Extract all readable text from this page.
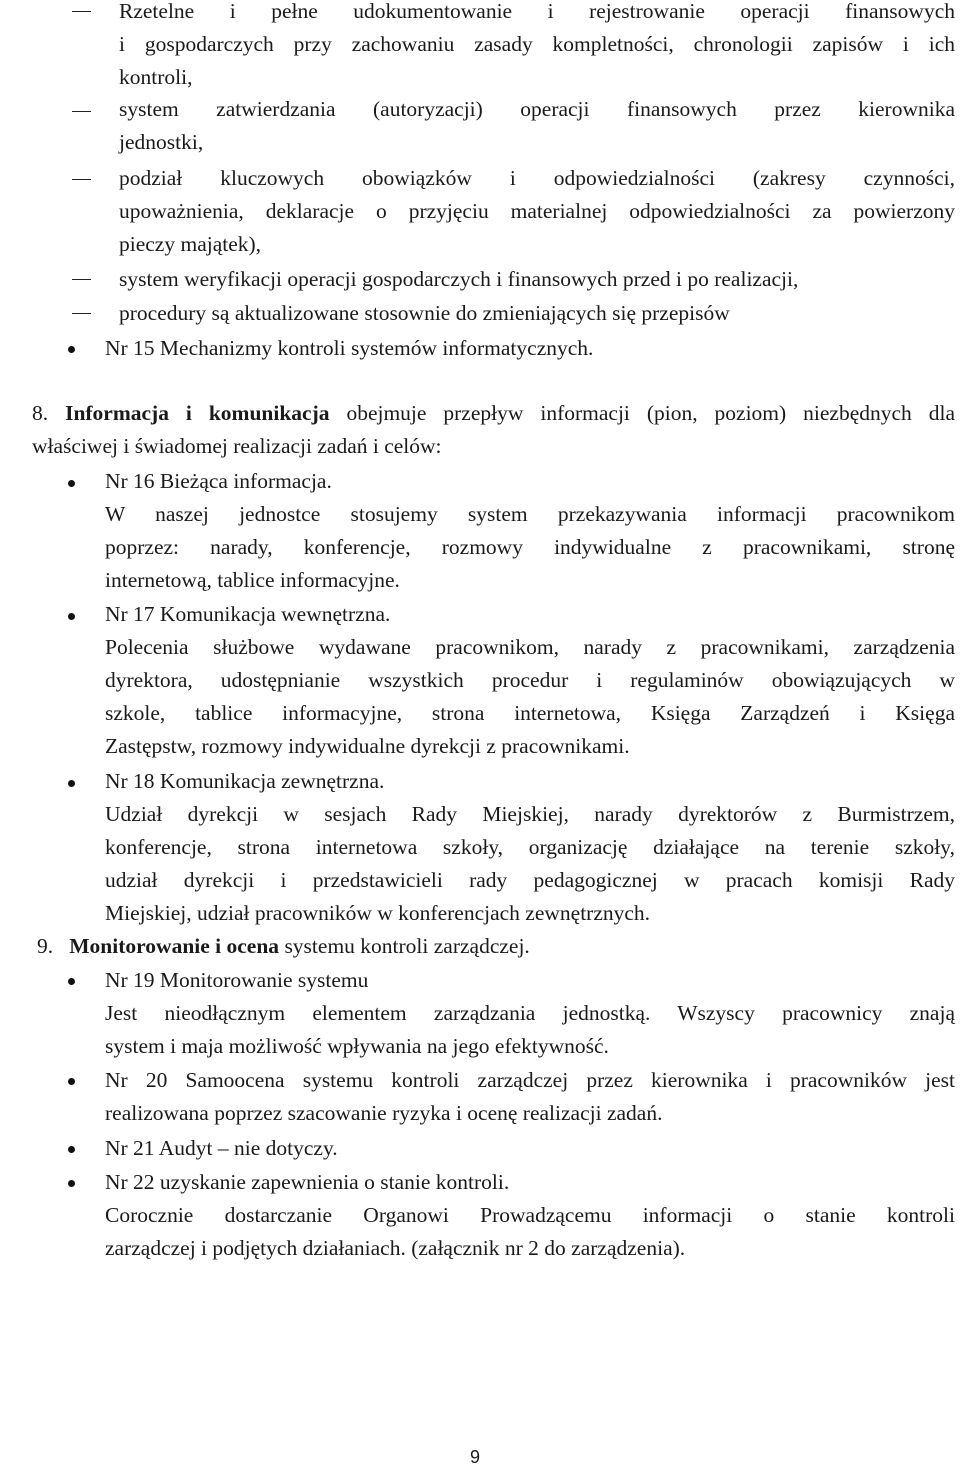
Rzetelne i pełne udokumentowanie i rejestrowanie operacji finansowych
i gospodarczych przy zachowaniu zasady kompletności, chronologii zapisów i ich
kontroli,
system zatwierdzania (autoryzacji) operacji finansowych przez kierownika
jednostki,
podział kluczowych obowiązków i odpowiedzialności (zakresy czynności,
upoważnienia, deklaracje o przyjęciu materialnej odpowiedzialności za powierzony
pieczy majątek),
system weryfikacji operacji gospodarczych i finansowych przed i po realizacji,
procedury są aktualizowane stosownie do zmieniających się przepisów
Nr 15 Mechanizmy kontroli systemów informatycznych.
8. Informacja i komunikacja obejmuje przepływ informacji (pion, poziom) niezbędnych dla
właściwej i świadomej realizacji zadań i celów:
Nr 16 Bieżąca informacja.
W naszej jednostce stosujemy system przekazywania informacji pracownikom
poprzez: narady, konferencje, rozmowy indywidualne z pracownikami, stronę
internetową, tablice informacyjne.
Nr 17 Komunikacja wewnętrzna.
Polecenia służbowe wydawane pracownikom, narady z pracownikami, zarządzenia
dyrektora, udostępnianie wszystkich procedur i regulaminów obowiązujących w
szkole, tablice informacyjne, strona internetowa, Księga Zarządzeń i Księga
Zastępstw, rozmowy indywidualne dyrekcji z pracownikami.
Nr 18 Komunikacja zewnętrzna.
Udział dyrekcji w sesjach Rady Miejskiej, narady dyrektorów z Burmistrzem,
konferencje, strona internetowa szkoły, organizację działające na terenie szkoły,
udział dyrekcji i przedstawicieli rady pedagogicznej w pracach komisji Rady
Miejskiej, udział pracowników w konferencjach zewnętrznych.
9. Monitorowanie i ocena systemu kontroli zarządczej.
Nr 19 Monitorowanie systemu
Jest nieodłącznym elementem zarządzania jednostką. Wszyscy pracownicy znają
system i maja możliwość wpływania na jego efektywność.
Nr 20 Samoocena systemu kontroli zarządczej przez kierownika i pracowników jest
realizowana poprzez szacowanie ryzyka i ocenę realizacji zadań.
Nr 21 Audyt – nie dotyczy.
Nr 22 uzyskanie zapewnienia o stanie kontroli.
Corocznie dostarczanie Organowi Prowadzącemu informacji o stanie kontroli
zarządczej i podjętych działaniach. (załącznik nr 2 do zarządzenia).
9
